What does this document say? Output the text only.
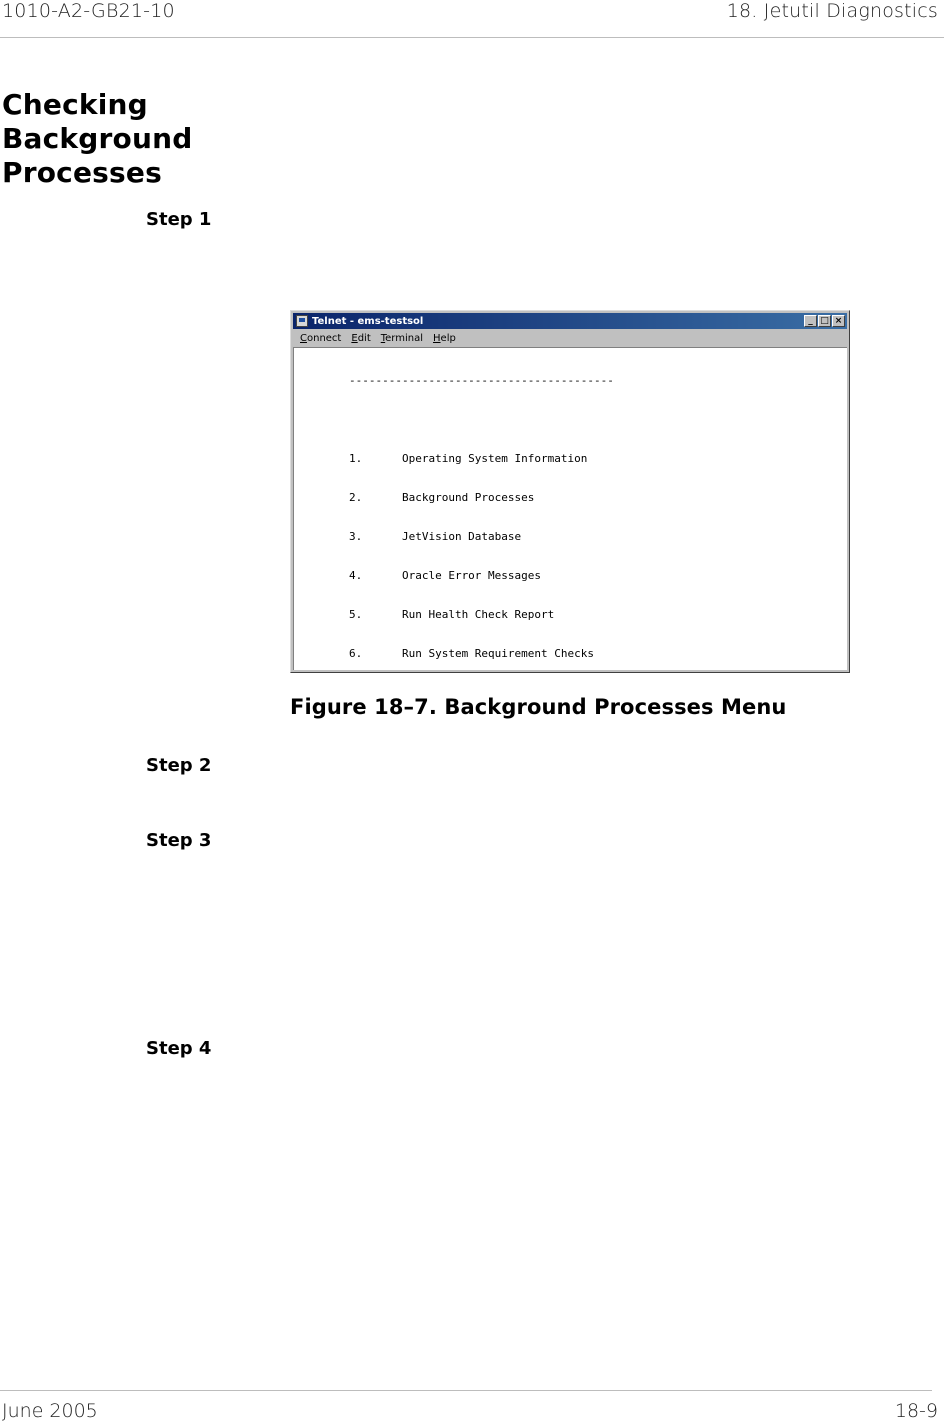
1010-A2-GB21-10	18. Jetutil Diagnostics
Checking Background Processes
Step 1
Telnet - ems-testsol	_ □ ×
Connect Edit Terminal Help

----------------------------------------

1.      Operating System Information

2.      Background Processes

3.      JetVision Database

4.      Oracle Error Messages

5.      Run Health Check Report

6.      Run System Requirement Checks

Figure 18–7. Background Processes Menu
Step 2
Step 3
Step 4
June 2005	18-9
